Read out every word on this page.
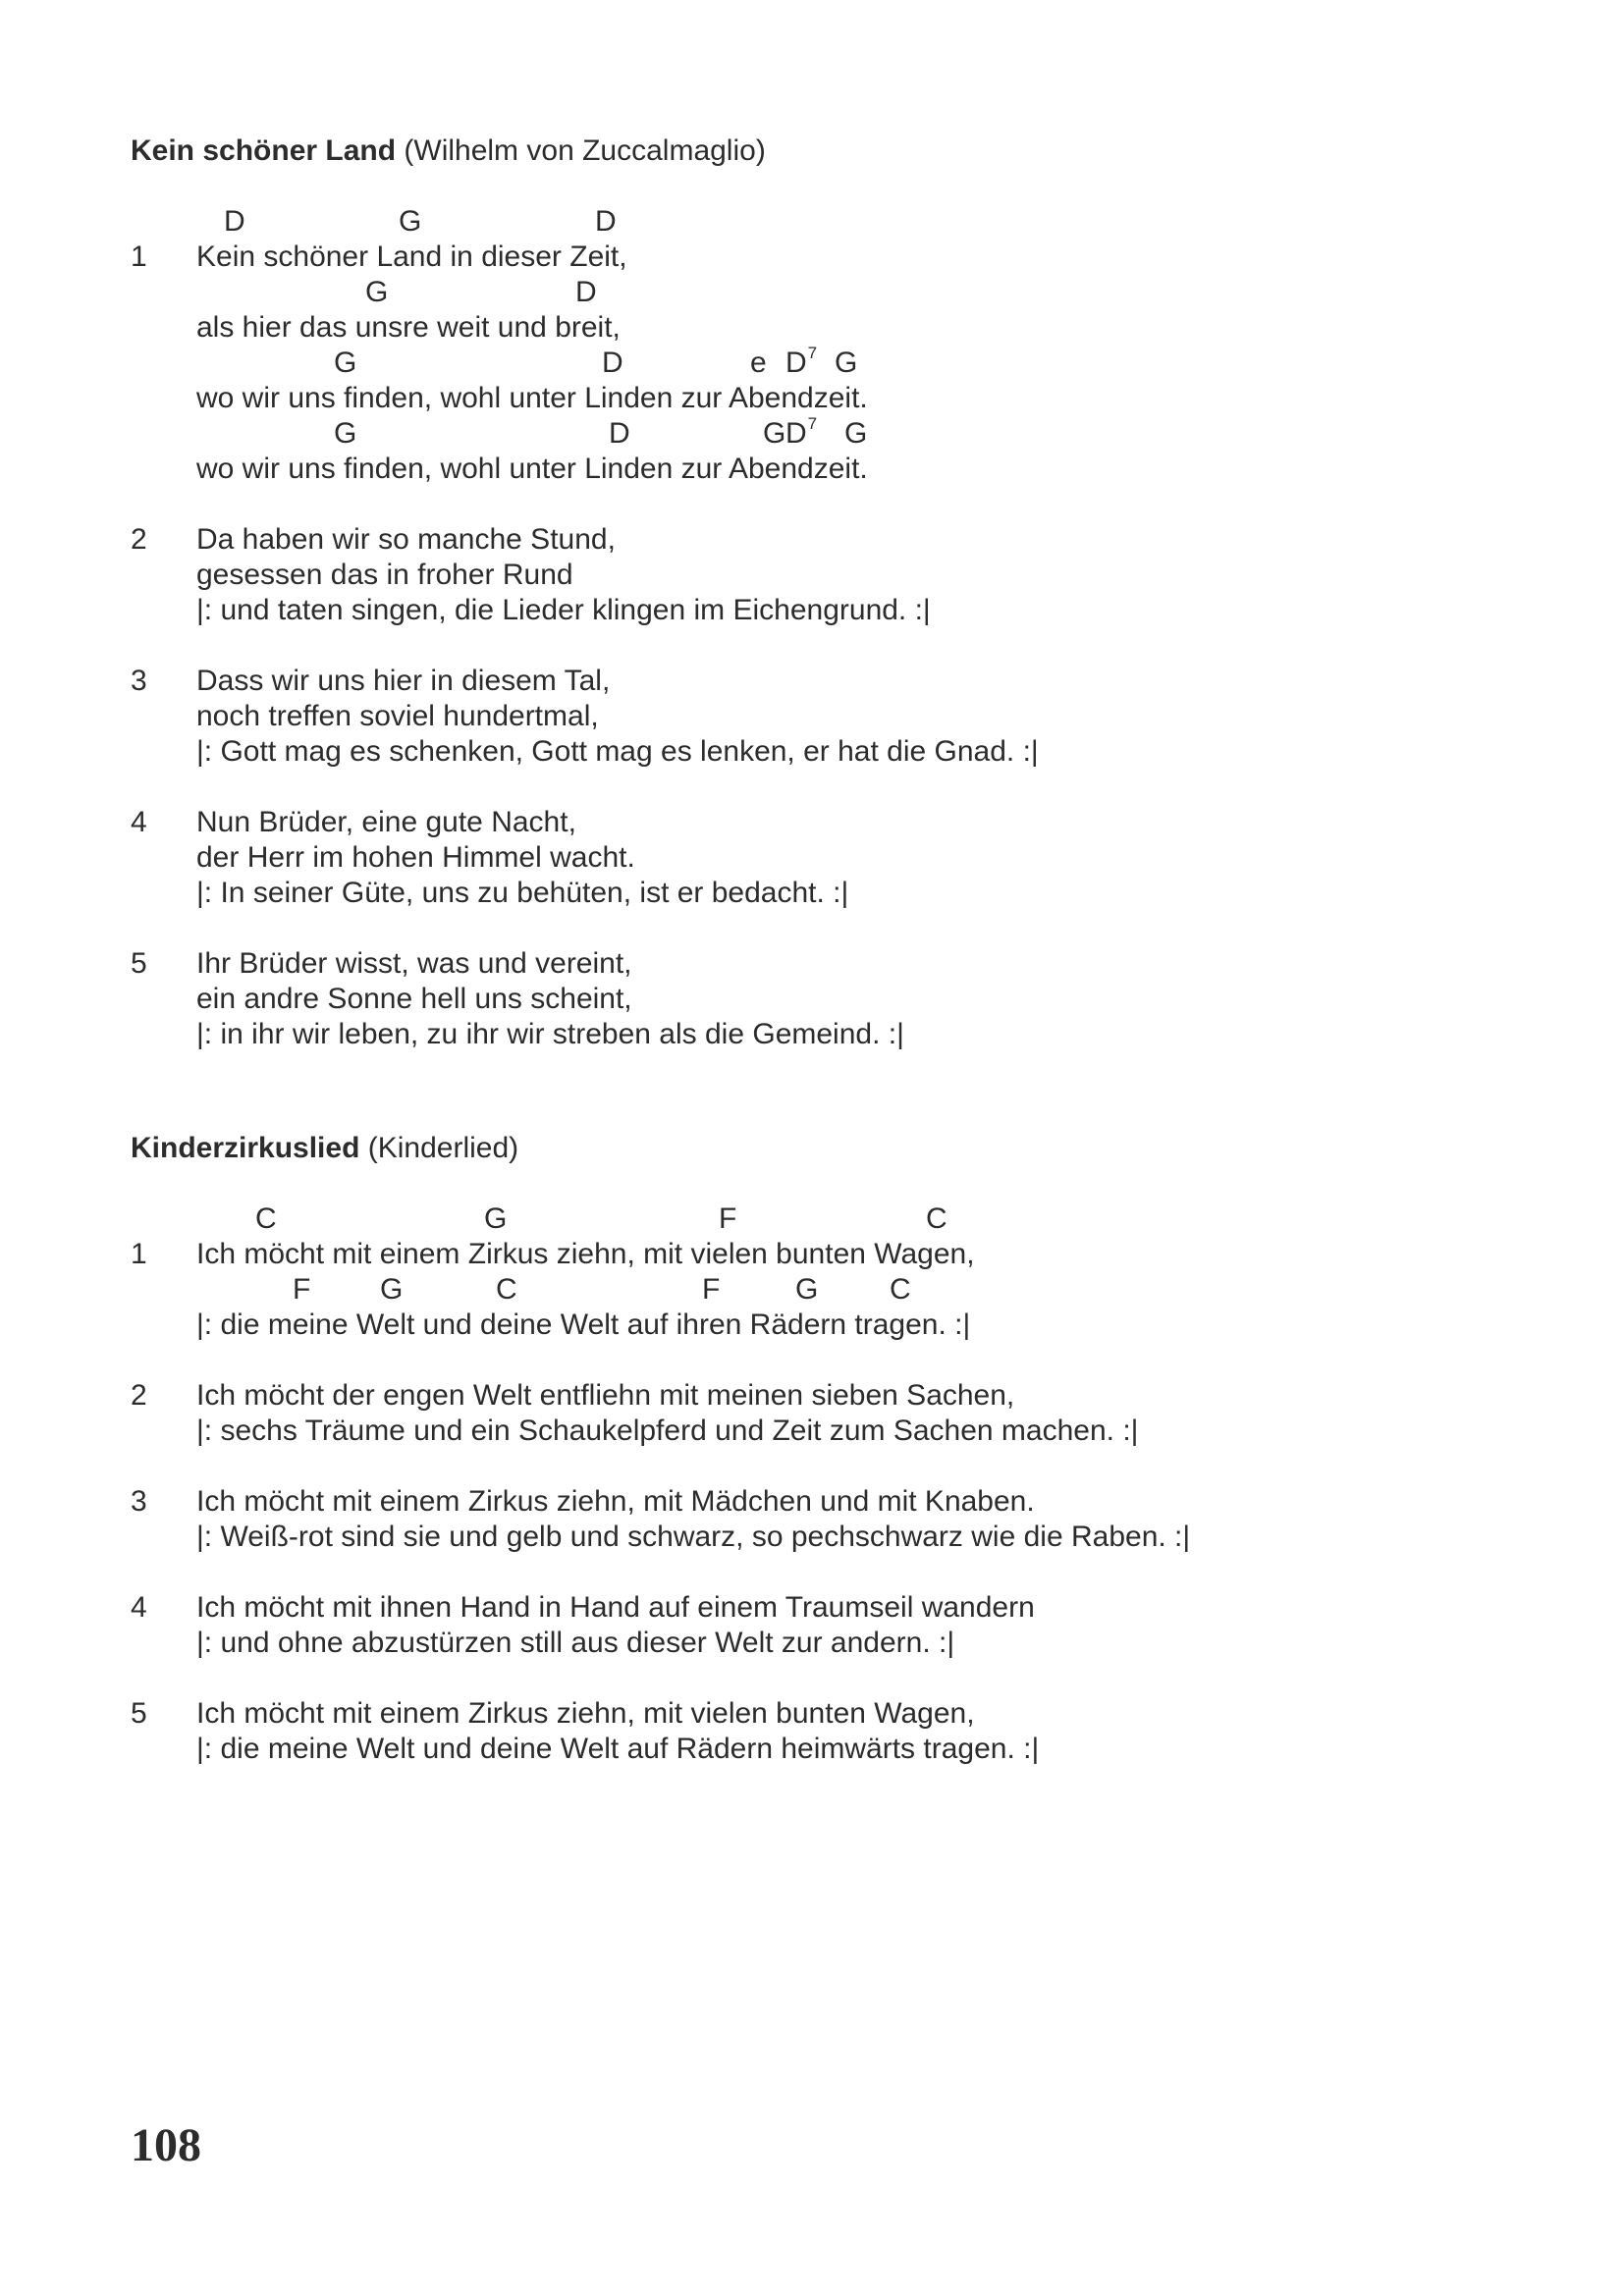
Kein schöner Land (Wilhelm von Zuccalmaglio)
1
D	G	D
Kein schöner Land in dieser Zeit,
G	D
als hier das unsre weit und breit,
G	D	e $D^7$ G
wo wir uns finden, wohl unter Linden zur Abendzeit.
G	D	G $D^7$ G
wo wir uns finden, wohl unter Linden zur Abendzeit.
2	Da haben wir so manche Stund,
gesessen das in froher Rund
|: und taten singen, die Lieder klingen im Eichengrund. :|
3	Dass wir uns hier in diesem Tal,
noch treffen soviel hundertmal,
|: Gott mag es schenken, Gott mag es lenken, er hat die Gnad. :|
4	Nun Brüder, eine gute Nacht,
der Herr im hohen Himmel wacht.
|: In seiner Güte, uns zu behüten, ist er bedacht. :|
5	Ihr Brüder wisst, was und vereint,
ein andre Sonne hell uns scheint,
|: in ihr wir leben, zu ihr wir streben als die Gemeind. :|
Kinderzirkuslied (Kinderlied)
1
C	G	F	C
Ich möcht mit einem Zirkus ziehn, mit vielen bunten Wagen,
F G	C	F	G C
|: die meine Welt und deine Welt auf ihren Rädern tragen. :|
2	Ich möcht der engen Welt entfliehn mit meinen sieben Sachen,
|: sechs Träume und ein Schaukelpferd und Zeit zum Sachen machen. :|
3	Ich möcht mit einem Zirkus ziehn, mit Mädchen und mit Knaben.
|: Weiß-rot sind sie und gelb und schwarz, so pechschwarz wie die Raben. :|
4	Ich möcht mit ihnen Hand in Hand auf einem Traumseil wandern
|: und ohne abzustürzen still aus dieser Welt zur andern. :|
5	Ich möcht mit einem Zirkus ziehn, mit vielen bunten Wagen,
|: die meine Welt und deine Welt auf Rädern heimwärts tragen. :|
108
